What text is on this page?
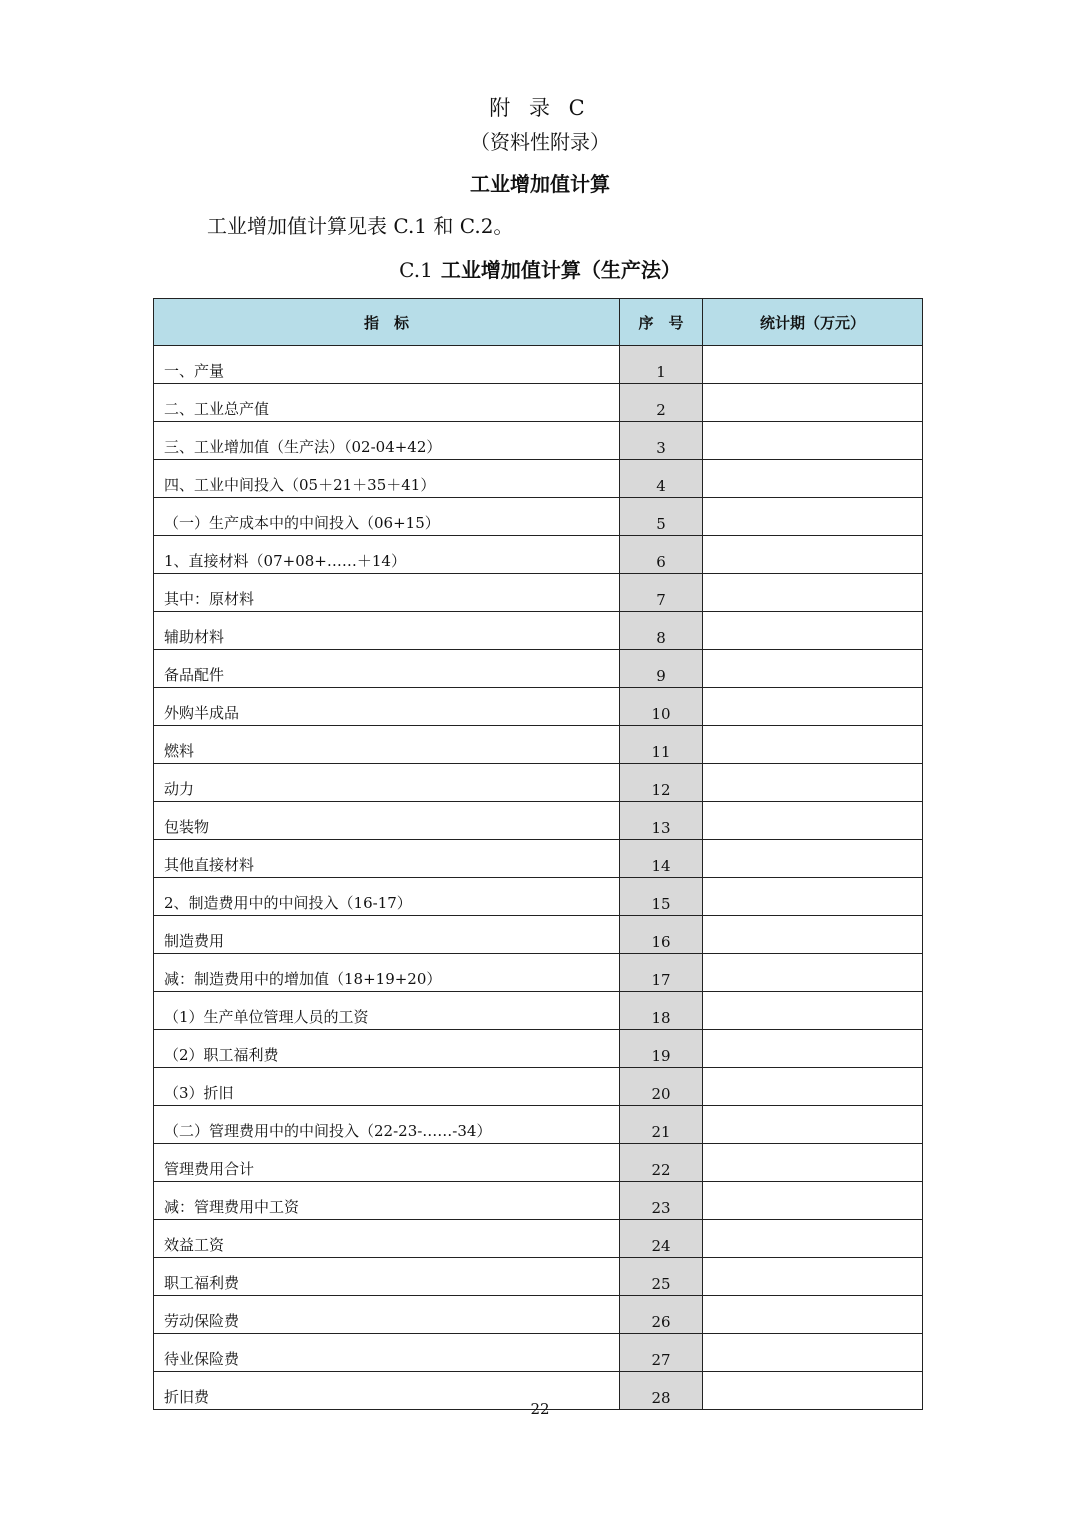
附 录 C
（资料性附录）
工业增加值计算
工业增加值计算见表 C.1 和 C.2。
C.1 工业增加值计算（生产法）
指　标	序　号	统计期（万元）
一、产量	1	
二、工业总产值	2	
三、工业增加值（生产法）（02-04+42）	3	
四、工业中间投入（05＋21＋35＋41）	4	
（一）生产成本中的中间投入（06+15）	5	
1、直接材料（07+08+……＋14）	6	
其中：原材料	7	
辅助材料	8	
备品配件	9	
外购半成品	10	
燃料	11	
动力	12	
包装物	13	
其他直接材料	14	
2、制造费用中的中间投入（16-17）	15	
制造费用	16	
减：制造费用中的增加值（18+19+20）	17	
（1）生产单位管理人员的工资	18	
（2）职工福利费	19	
（3）折旧	20	
（二）管理费用中的中间投入（22-23-……-34）	21	
管理费用合计	22	
减：管理费用中工资	23	
效益工资	24	
职工福利费	25	
劳动保险费	26	
待业保险费	27	
折旧费	28	
22
